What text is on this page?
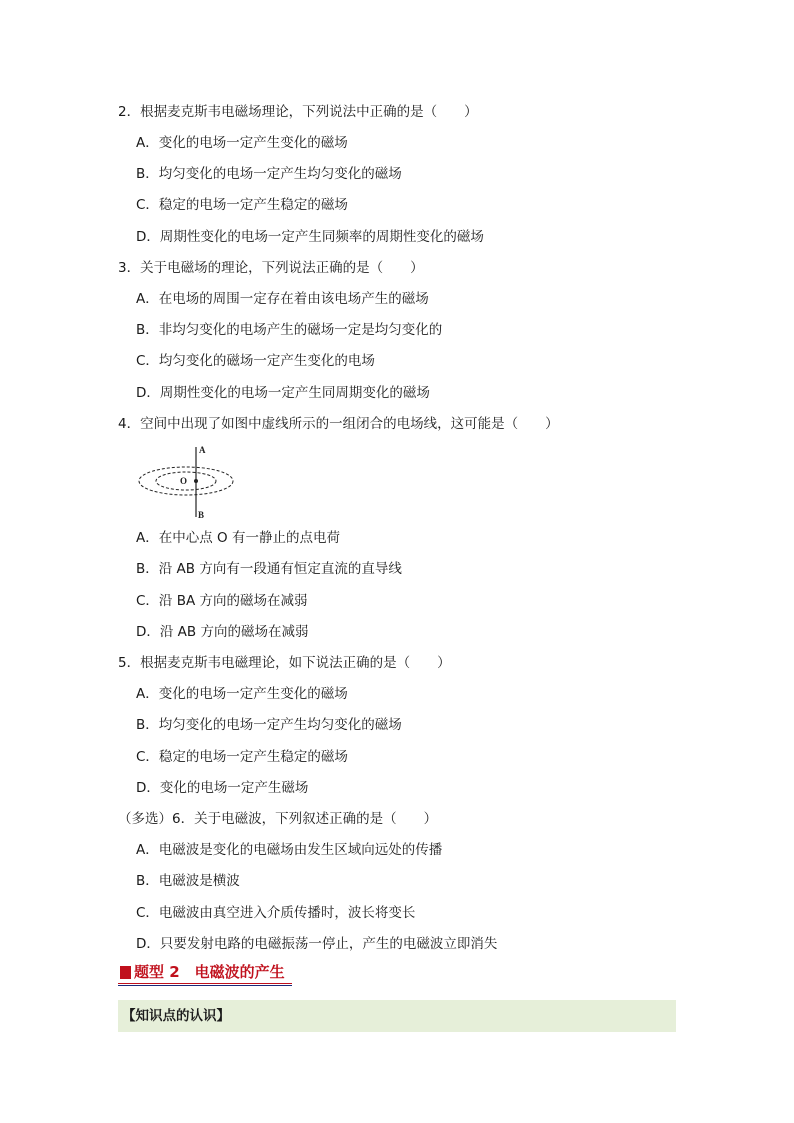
2．根据麦克斯韦电磁场理论，下列说法中正确的是（　　）
A．变化的电场一定产生变化的磁场
B．均匀变化的电场一定产生均匀变化的磁场
C．稳定的电场一定产生稳定的磁场
D．周期性变化的电场一定产生同频率的周期性变化的磁场
3．关于电磁场的理论，下列说法正确的是（　　）
A．在电场的周围一定存在着由该电场产生的磁场
B．非均匀变化的电场产生的磁场一定是均匀变化的
C．均匀变化的磁场一定产生变化的电场
D．周期性变化的电场一定产生同周期变化的磁场
4．空间中出现了如图中虚线所示的一组闭合的电场线，这可能是（　　）
A
B
O
A．在中心点 O 有一静止的点电荷
B．沿 AB 方向有一段通有恒定直流的直导线
C．沿 BA 方向的磁场在减弱
D．沿 AB 方向的磁场在减弱
5．根据麦克斯韦电磁理论，如下说法正确的是（　　）
A．变化的电场一定产生变化的磁场
B．均匀变化的电场一定产生均匀变化的磁场
C．稳定的电场一定产生稳定的磁场
D．变化的电场一定产生磁场
（多选）6．关于电磁波，下列叙述正确的是（　　）
A．电磁波是变化的电磁场由发生区域向远处的传播
B．电磁波是横波
C．电磁波由真空进入介质传播时，波长将变长
D．只要发射电路的电磁振荡一停止，产生的电磁波立即消失
题型 2　电磁波的产生
【知识点的认识】
